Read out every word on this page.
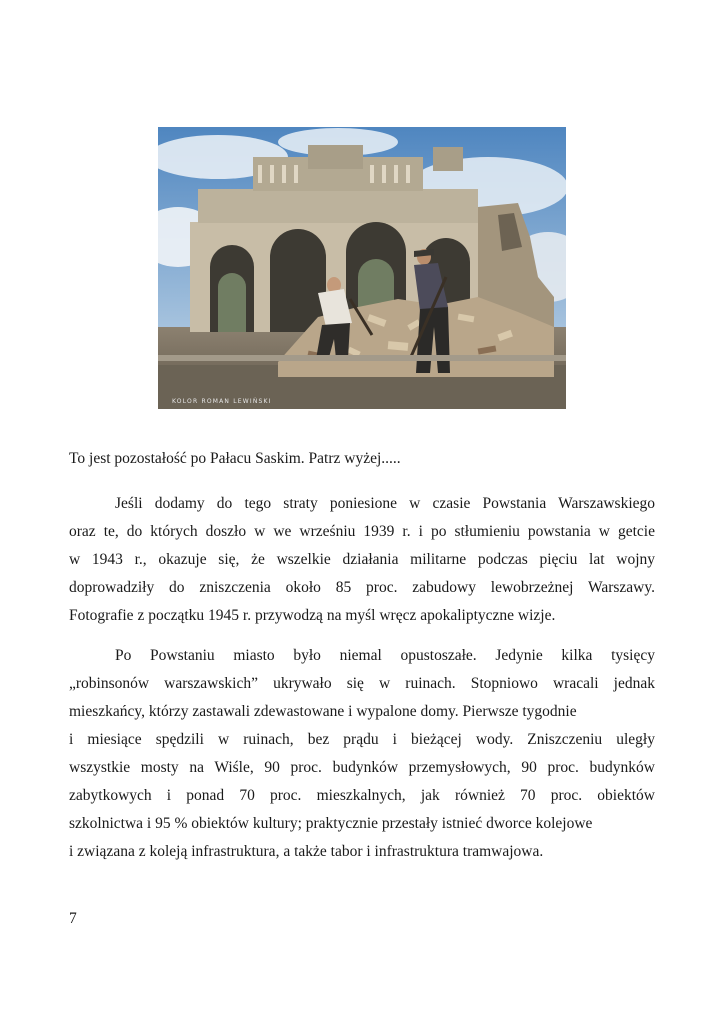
KOLOR ROMAN LEWIŃSKI

To jest pozostałość po Pałacu Saskim. Patrz wyżej.....

Jeśli dodamy do tego straty poniesione w czasie Powstania Warszawskiego
oraz te, do których doszło w we wrześniu 1939 r. i po stłumieniu powstania w getcie
w 1943 r., okazuje się, że wszelkie działania militarne podczas pięciu lat wojny
doprowadziły do zniszczenia około 85 proc. zabudowy lewobrzeżnej Warszawy.
Fotografie z początku 1945 r. przywodzą na myśl wręcz apokaliptyczne wizje.

Po Powstaniu miasto było niemal opustoszałe. Jedynie kilka tysięcy
„robinsonów warszawskich” ukrywało się w ruinach. Stopniowo wracali jednak
mieszkańcy, którzy zastawali zdewastowane i wypalone domy. Pierwsze tygodnie
i miesiące spędzili w ruinach, bez prądu i bieżącej wody. Zniszczeniu uległy
wszystkie mosty na Wiśle, 90 proc. budynków przemysłowych, 90 proc. budynków
zabytkowych i ponad 70 proc. mieszkalnych, jak również 70 proc. obiektów
szkolnictwa i 95 % obiektów kultury; praktycznie przestały istnieć dworce kolejowe
i związana z koleją infrastruktura, a także tabor i infrastruktura tramwajowa.

7
